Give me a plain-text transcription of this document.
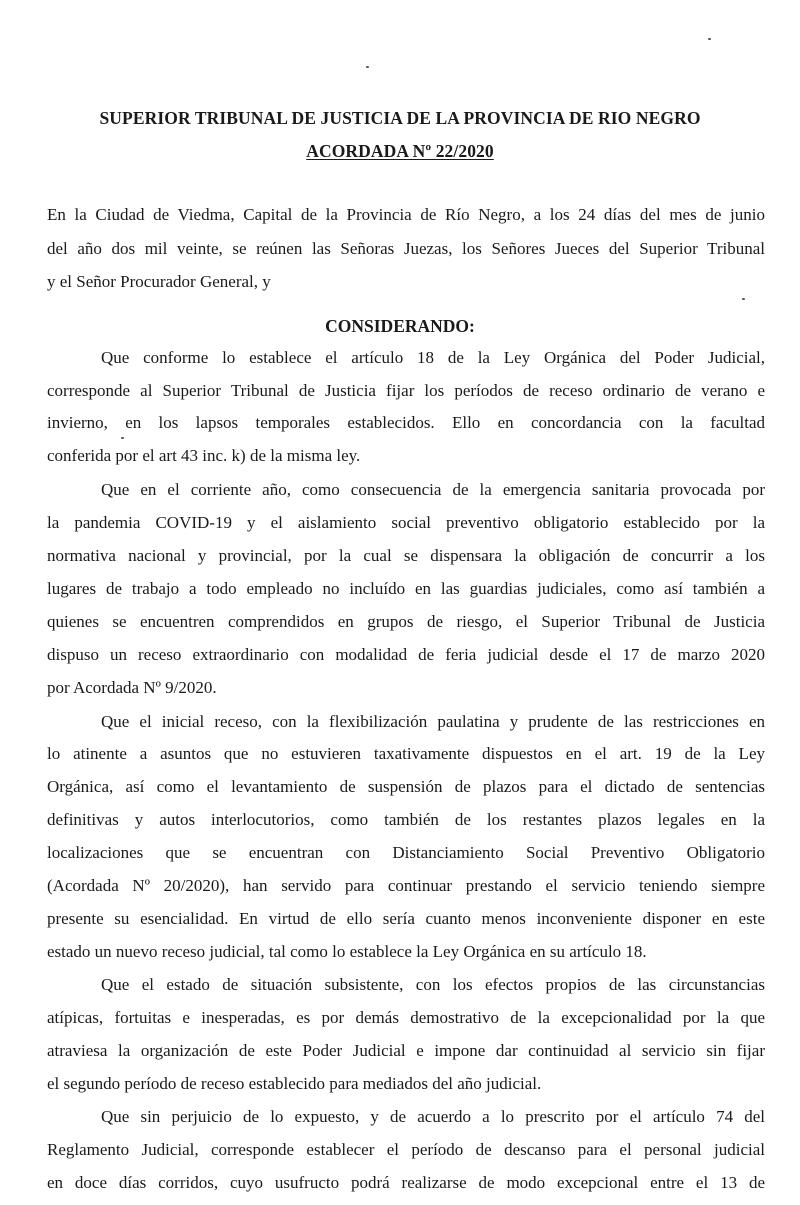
SUPERIOR TRIBUNAL DE JUSTICIA DE LA PROVINCIA DE RIO NEGRO
ACORDADA Nº 22/2020
En la Ciudad de Viedma, Capital de la Provincia de Río Negro, a los 24 días del mes de junio
del año dos mil veinte, se reúnen las Señoras Juezas, los Señores Jueces del Superior Tribunal
y el Señor Procurador General, y
CONSIDERANDO:
Que conforme lo establece el artículo 18 de la Ley Orgánica del Poder Judicial,
corresponde al Superior Tribunal de Justicia fijar los períodos de receso ordinario de verano e
invierno, en los lapsos temporales establecidos. Ello en concordancia con la facultad
conferida por el art 43 inc. k) de la misma ley.
Que en el corriente año, como consecuencia de la emergencia sanitaria provocada por
la pandemia COVID-19 y el aislamiento social preventivo obligatorio establecido por la
normativa nacional y provincial, por la cual se dispensara la obligación de concurrir a los
lugares de trabajo a todo empleado no incluído en las guardias judiciales, como así también a
quienes se encuentren comprendidos en grupos de riesgo, el Superior Tribunal de Justicia
dispuso un receso extraordinario con modalidad de feria judicial desde el 17 de marzo 2020
por Acordada Nº 9/2020.
Que el inicial receso, con la flexibilización paulatina y prudente de las restricciones en
lo atinente a asuntos que no estuvieren taxativamente dispuestos en el art. 19 de la Ley
Orgánica, así como el levantamiento de suspensión de plazos para el dictado de sentencias
definitivas y autos interlocutorios, como también de los restantes plazos legales en la
localizaciones que se encuentran con Distanciamiento Social Preventivo Obligatorio
(Acordada Nº 20/2020), han servido para continuar prestando el servicio teniendo siempre
presente su esencialidad. En virtud de ello sería cuanto menos inconveniente disponer en este
estado un nuevo receso judicial, tal como lo establece la Ley Orgánica en su artículo 18.
Que el estado de situación subsistente, con los efectos propios de las circunstancias
atípicas, fortuitas e inesperadas, es por demás demostrativo de la excepcionalidad por la que
atraviesa la organización de este Poder Judicial e impone dar continuidad al servicio sin fijar
el segundo período de receso establecido para mediados del año judicial.
Que sin perjuicio de lo expuesto, y de acuerdo a lo prescrito por el artículo 74 del
Reglamento Judicial, corresponde establecer el período de descanso para el personal judicial
en doce días corridos, cuyo usufructo podrá realizarse de modo excepcional entre el 13 de
